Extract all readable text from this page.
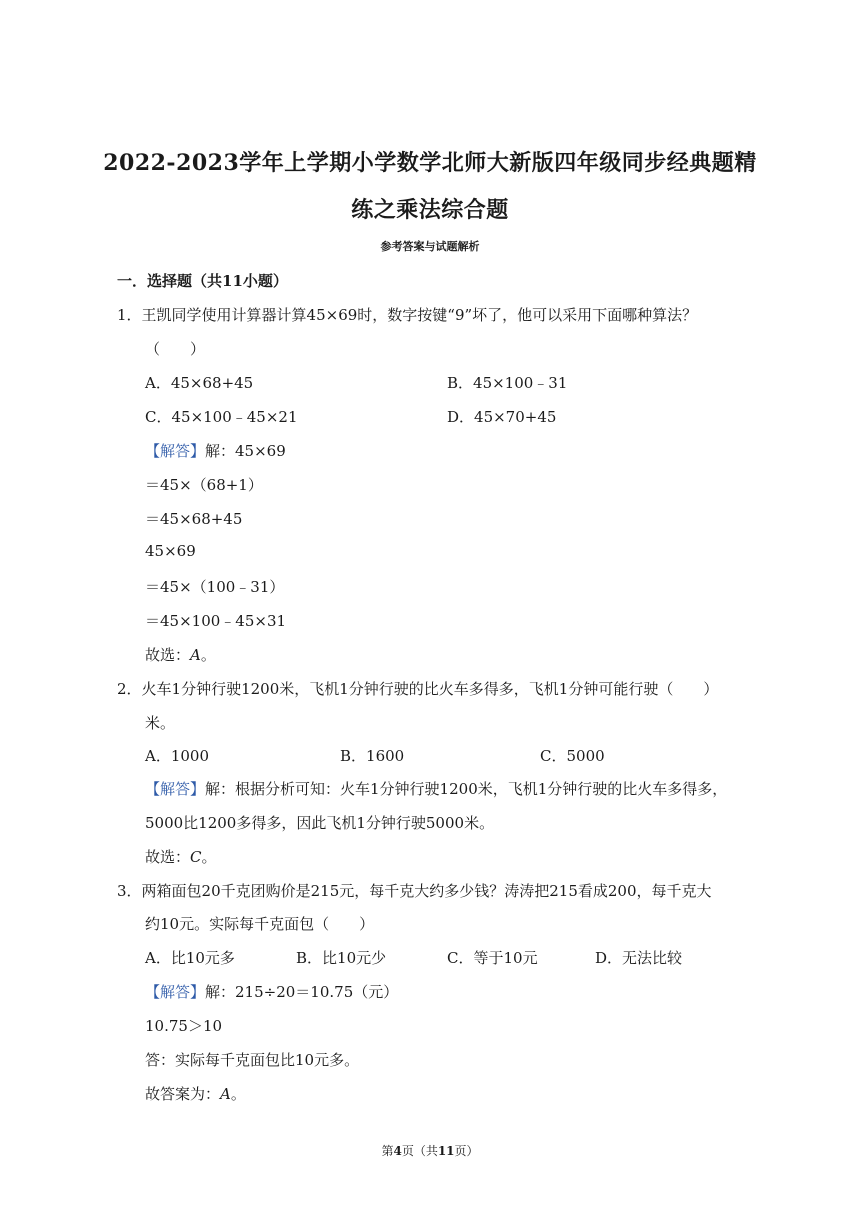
2022-2023学年上学期小学数学北师大新版四年级同步经典题精
练之乘法综合题
参考答案与试题解析
一．选择题（共11小题）
1．王凯同学使用计算器计算45×69时，数字按键“9”坏了，他可以采用下面哪种算法？
（　　）
A．45×68+45	B．45×100﹣31
C．45×100﹣45×21	D．45×70+45
【解答】解：45×69
＝45×（68+1）
＝45×68+45
45×69
＝45×（100﹣31）
＝45×100﹣45×31
故选：A。
2．火车1分钟行驶1200米，飞机1分钟行驶的比火车多得多，飞机1分钟可能行驶（　　）
米。
A．1000	B．1600	C．5000
【解答】解：根据分析可知：火车1分钟行驶1200米，飞机1分钟行驶的比火车多得多，
5000比1200多得多，因此飞机1分钟行驶5000米。
故选：C。
3．两箱面包20千克团购价是215元，每千克大约多少钱？涛涛把215看成200，每千克大
约10元。实际每千克面包（　　）
A．比10元多	B．比10元少	C．等于10元	D．无法比较
【解答】解：215÷20＝10.75（元）
10.75＞10
答：实际每千克面包比10元多。
故答案为：A。
第4页（共11页）
